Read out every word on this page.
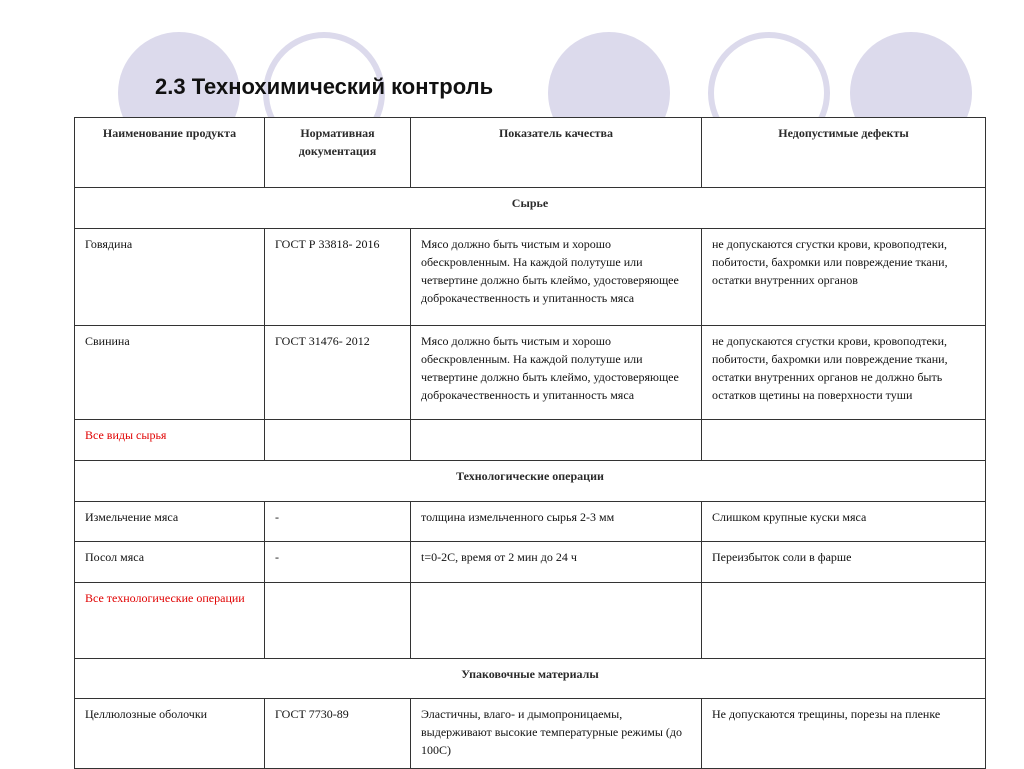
2.3 Технохимический контроль
Наименование продукта	Нормативная документация	Показатель качества	Недопустимые дефекты
Сырье			
Говядина	ГОСТ Р 33818- 2016	Мясо должно быть чистым и хорошо обескровленным. На каждой полутуше или четвертине должно быть клеймо, удостоверяющее доброкачественность и упитанность мяса	не допускаются сгустки крови, кровоподтеки, побитости, бахромки или повреждение ткани, остатки внутренних органов
Свинина	ГОСТ 31476- 2012	Мясо должно быть чистым и хорошо обескровленным. На каждой полутуше или четвертине должно быть клеймо, удостоверяющее доброкачественность и упитанность мяса	не допускаются сгустки крови, кровоподтеки, побитости, бахромки или повреждение ткани, остатки внутренних органов не должно быть остатков щетины на поверхности туши
Все виды сырья			
Технологические операции			
Измельчение мяса	-	толщина измельченного сырья 2-3 мм	Слишком крупные куски мяса
Посол мяса	-	t=0-2C, время от 2 мин до 24 ч	Переизбыток соли в фарше
Все технологические операции			
Упаковочные материалы			
Целлюлозные оболочки	ГОСТ 7730-89	Эластичны, влаго- и дымопроницаемы, выдерживают высокие температурные режимы (до 100С)	Не допускаются трещины, порезы на пленке
